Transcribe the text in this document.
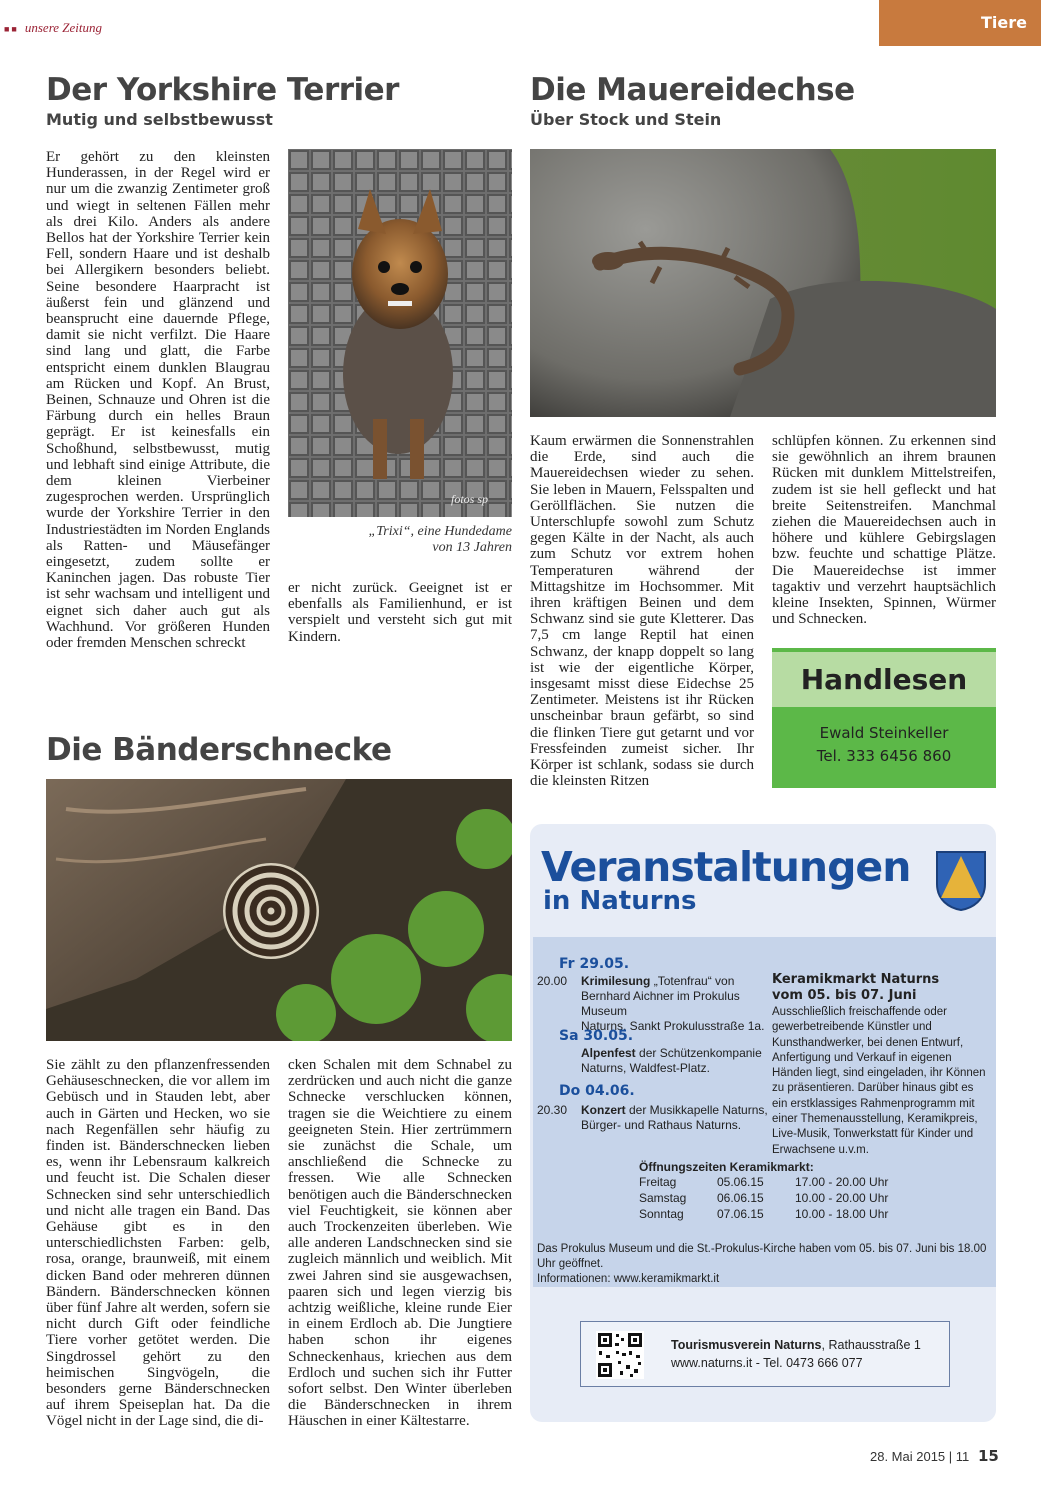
■■ unsere Zeitung	Tiere
Der Yorkshire Terrier
Mutig und selbstbewusst
Er gehört zu den kleinsten Hunderassen, in der Regel wird er nur um die zwanzig Zentimeter groß und wiegt in seltenen Fällen mehr als drei Kilo. Anders als andere Bellos hat der Yorkshire Terrier kein Fell, sondern Haare und ist deshalb bei Allergikern besonders beliebt. Seine besondere Haarpracht ist äußerst fein und glänzend und beansprucht eine dauernde Pflege, damit sie nicht verfilzt. Die Haare sind lang und glatt, die Farbe entspricht einem dunklen Blaugrau am Rücken und Kopf. An Brust, Beinen, Schnauze und Ohren ist die Färbung durch ein helles Braun geprägt. Er ist keinesfalls ein Schoßhund, selbstbewusst, mutig und lebhaft sind einige Attribute, die dem kleinen Vierbeiner zugesprochen werden. Ursprünglich wurde der Yorkshire Terrier in den Industriestädten im Norden Englands als Ratten- und Mäusefänger eingesetzt, zudem sollte er Kaninchen jagen. Das robuste Tier ist sehr wachsam und intelligent und eignet sich daher auch gut als Wachhund. Vor größeren Hunden oder fremden Menschen schreckt
fotos sp
„Trixi“, eine Hundedame
von 13 Jahren
er nicht zurück. Geeignet ist er ebenfalls als Familienhund, er ist verspielt und versteht sich gut mit Kindern.
Die Mauereidechse
Über Stock und Stein
Kaum erwärmen die Sonnenstrahlen die Erde, sind auch die Mauereidechsen wieder zu sehen. Sie leben in Mauern, Felsspalten und Geröllflächen. Sie nutzen die Unterschlupfe sowohl zum Schutz gegen Kälte in der Nacht, als auch zum Schutz vor extrem hohen Temperaturen während der Mittagshitze im Hochsommer. Mit ihren kräftigen Beinen und dem Schwanz sind sie gute Kletterer. Das 7,5 cm lange Reptil hat einen Schwanz, der knapp doppelt so lang ist wie der eigentliche Körper, insgesamt misst diese Eidechse 25 Zentimeter. Meistens ist ihr Rücken unscheinbar braun gefärbt, so sind die flinken Tiere gut getarnt und vor Fressfeinden zumeist sicher. Ihr Körper ist schlank, sodass sie durch die kleinsten Ritzen
schlüpfen können. Zu erkennen sind sie gewöhnlich an ihrem braunen Rücken mit dunklem Mittelstreifen, zudem ist sie hell gefleckt und hat breite Seitenstreifen. Manchmal ziehen die Mauereidechsen auch in höhere und kühlere Gebirgslagen bzw. feuchte und schattige Plätze. Die Mauereidechse ist immer tagaktiv und verzehrt hauptsächlich kleine Insekten, Spinnen, Würmer und Schnecken.
Handlesen
Ewald Steinkeller
Tel. 333 6456 860
Die Bänderschnecke
Sie zählt zu den pflanzenfressenden Gehäuseschnecken, die vor allem im Gebüsch und in Stauden lebt, aber auch in Gärten und Hecken, wo sie nach Regenfällen sehr häufig zu finden ist. Bänderschnecken lieben es, wenn ihr Lebensraum kalkreich und feucht ist. Die Schalen dieser Schnecken sind sehr unterschiedlich und nicht alle tragen ein Band. Das Gehäuse gibt es in den unterschiedlichsten Farben: gelb, rosa, orange, braunweiß, mit einem dicken Band oder mehreren dünnen Bändern. Bänderschnecken können über fünf Jahre alt werden, sofern sie nicht durch Gift oder feindliche Tiere vorher getötet werden. Die Singdrossel gehört zu den heimischen Singvögeln, die besonders gerne Bänderschnecken auf ihrem Speiseplan hat. Da die Vögel nicht in der Lage sind, die di-
cken Schalen mit dem Schnabel zu zerdrücken und auch nicht die ganze Schnecke verschlucken können, tragen sie die Weichtiere zu einem geeigneten Stein. Hier zertrümmern sie zunächst die Schale, um anschließend die Schnecke zu fressen. Wie alle Schnecken benötigen auch die Bänderschnecken viel Feuchtigkeit, sie können aber auch Trockenzeiten überleben. Wie alle anderen Landschnecken sind sie zugleich männlich und weiblich. Mit zwei Jahren sind sie ausgewachsen, paaren sich und legen vierzig bis achtzig weißliche, kleine runde Eier in einem Erdloch ab. Die Jungtiere haben schon ihr eigenes Schneckenhaus, kriechen aus dem Erdloch und suchen sich ihr Futter sofort selbst. Den Winter überleben die Bänderschnecken in ihrem Häuschen in einer Kältestarre.
Veranstaltungen
in Naturns
Fr 29.05.
20.00 Krimilesung „Totenfrau“ von
Bernhard Aichner im Prokulus Museum
Naturns, Sankt Prokulusstraße 1a.
Sa 30.05.
Alpenfest der Schützenkompanie
Naturns, Waldfest-Platz.
Do 04.06.
20.30 Konzert der Musikkapelle Naturns,
Bürger- und Rathaus Naturns.
Keramikmarkt Naturns
vom 05. bis 07. Juni
Ausschließlich freischaffende oder gewerbetreibende Künstler und Kunsthandwerker, bei denen Entwurf, Anfertigung und Verkauf in eigenen Händen liegt, sind eingeladen, ihr Können zu präsentieren. Darüber hinaus gibt es ein erstklassiges Rahmenprogramm mit einer Themenausstellung, Keramikpreis, Live-Musik, Tonwerkstatt für Kinder und Erwachsene u.v.m.
Öffnungszeiten Keramikmarkt:
Freitag	05.06.15	17.00 - 20.00 Uhr
Samstag	06.06.15	10.00 - 20.00 Uhr
Sonntag	07.06.15	10.00 - 18.00 Uhr
Das Prokulus Museum und die St.-Prokulus-Kirche haben vom 05. bis 07. Juni bis 18.00 Uhr geöffnet.
Informationen: www.keramikmarkt.it
Tourismusverein Naturns, Rathausstraße 1
www.naturns.it - Tel. 0473 666 077
28. Mai 2015 | 11 15
